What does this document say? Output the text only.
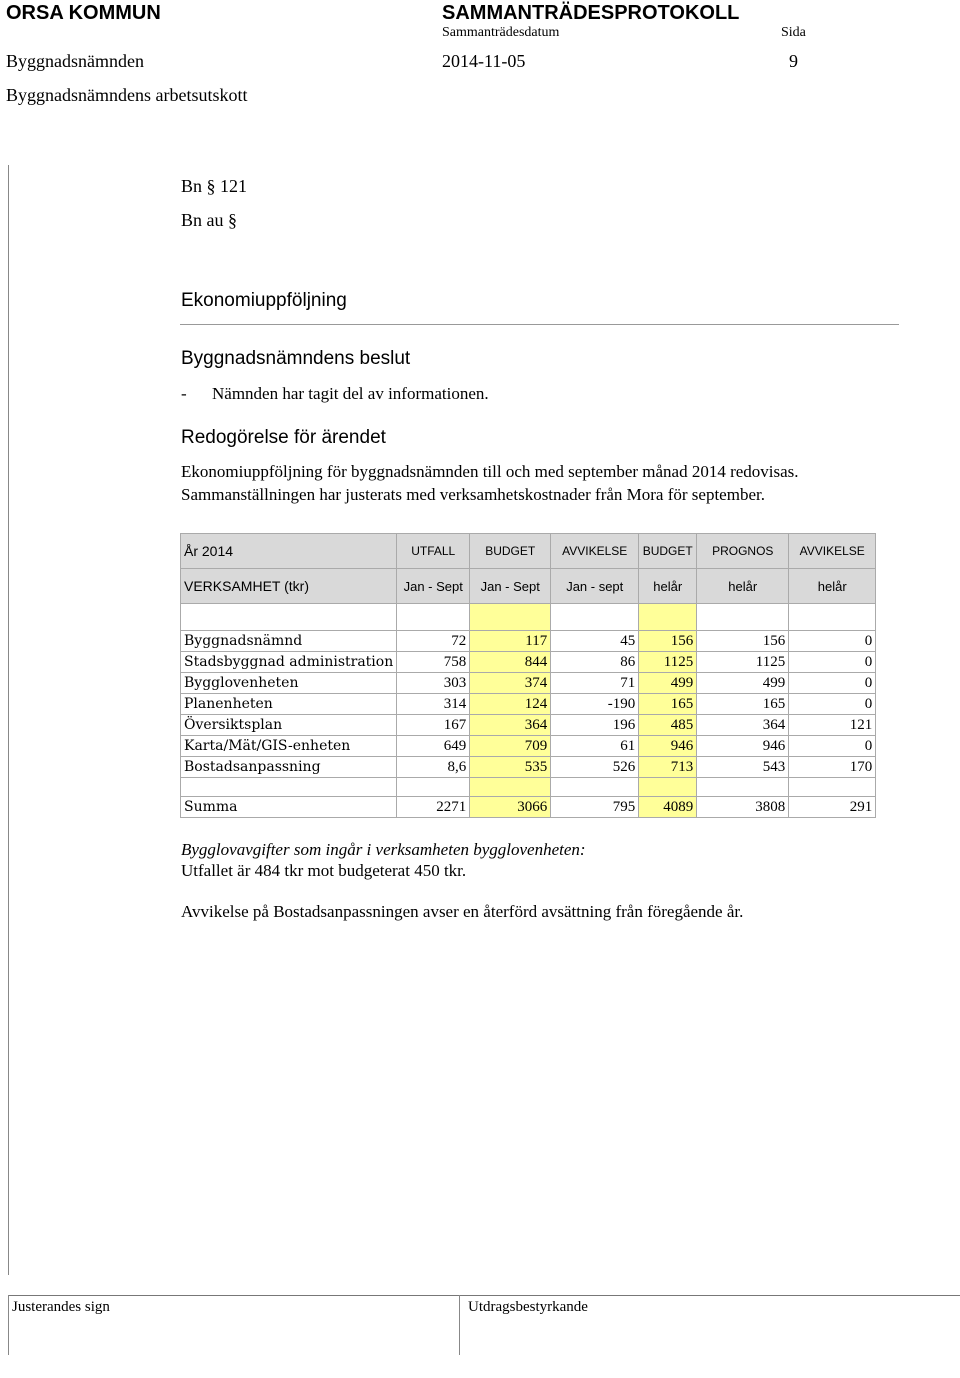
ORSA KOMMUN	SAMMANTRÄDESPROTOKOLL
Sammanträdesdatum	Sida
Byggnadsnämnden	2014-11-05	9
Byggnadsnämndens arbetsutskott
Bn § 121
Bn au §
Ekonomiuppföljning
Byggnadsnämndens beslut
- Nämnden har tagit del av informationen.
Redogörelse för ärendet
Ekonomiuppföljning för byggnadsnämnden till och med september månad 2014 redovisas.
Sammanställningen har justerats med verksamhetskostnader från Mora för september.
År 2014	UTFALL	BUDGET	AVVIKELSE	BUDGET	PROGNOS	AVVIKELSE
VERKSAMHET (tkr)	Jan - Sept	Jan - Sept	Jan - sept	helår	helår	helår

Byggnadsnämnd	72	117	45	156	156	0
Stadsbyggnad administration	758	844	86	1125	1125	0
Bygglovenheten	303	374	71	499	499	0
Planenheten	314	124	-190	165	165	0
Översiktsplan	167	364	196	485	364	121
Karta/Mät/GIS-enheten	649	709	61	946	946	0
Bostadsanpassning	8,6	535	526	713	543	170

Summa	2271	3066	795	4089	3808	291
Bygglovavgifter som ingår i verksamheten bygglovenheten:
Utfallet är 484 tkr mot budgeterat 450 tkr.
Avvikelse på Bostadsanpassningen avser en återförd avsättning från föregående år.
Justerandes sign	Utdragsbestyrkande
